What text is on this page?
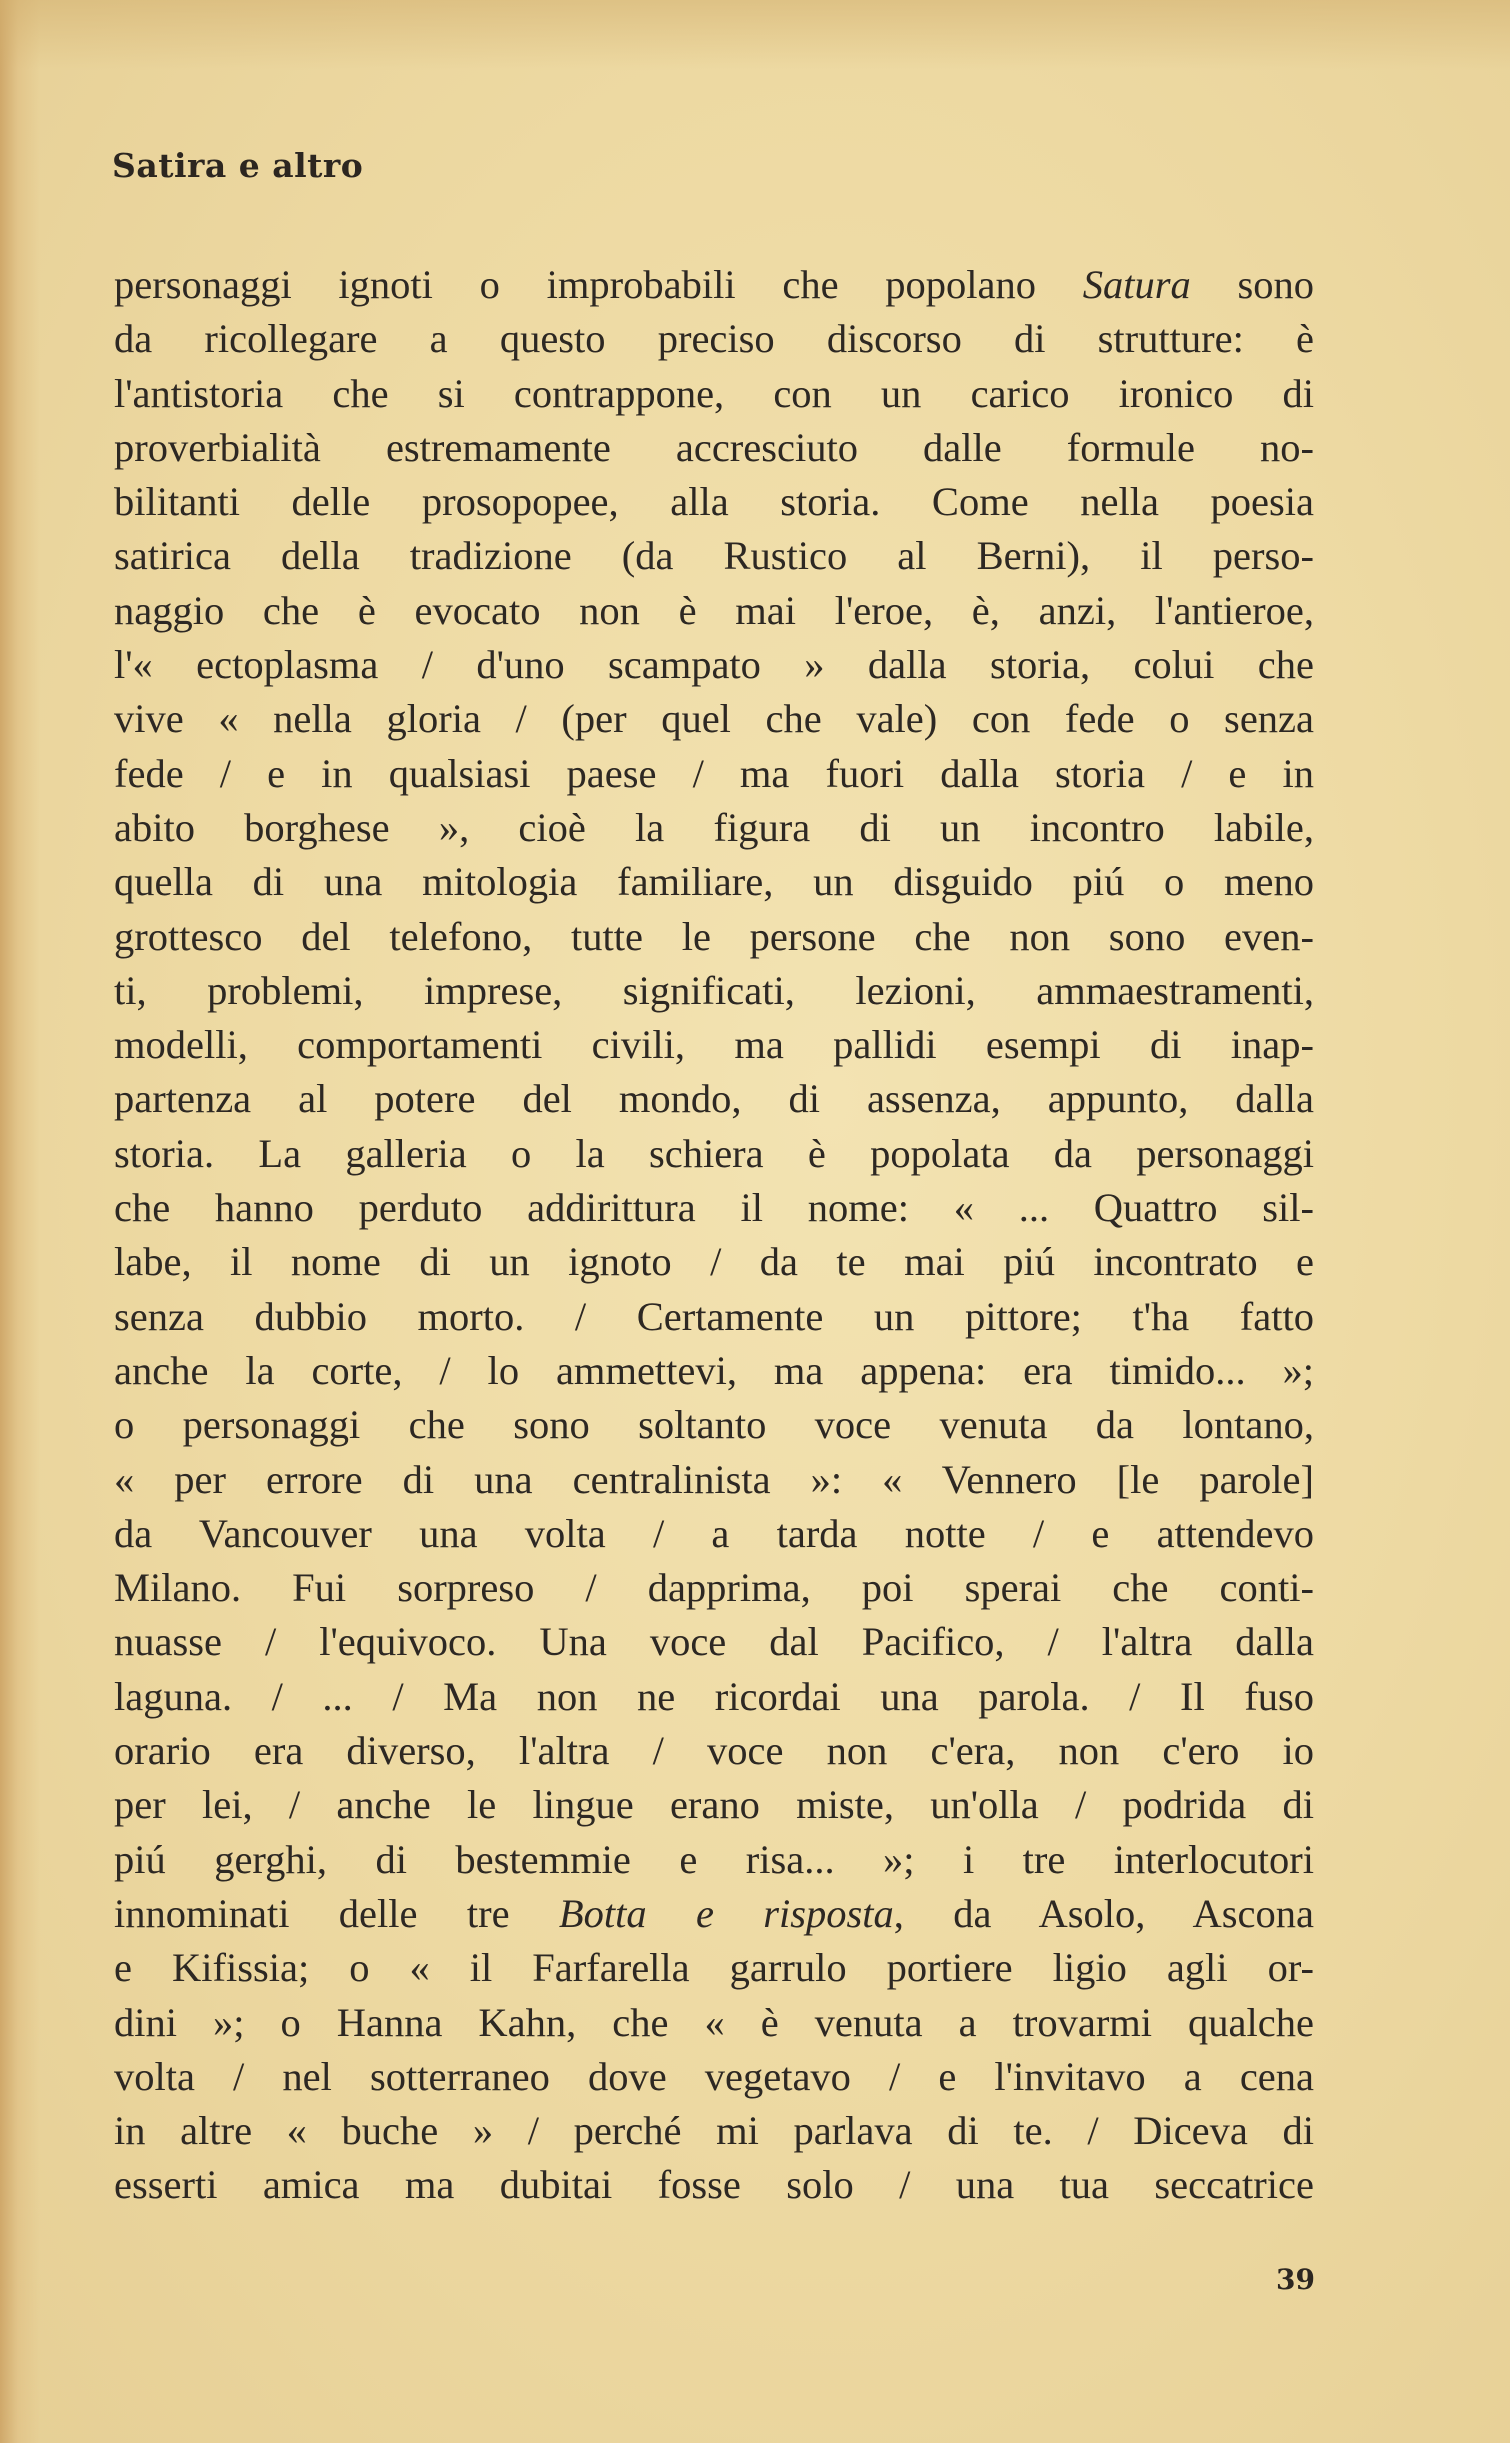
Satira e altro
personaggi ignoti o improbabili che popolano Satura sono
da ricollegare a questo preciso discorso di strutture: è
l'antistoria che si contrappone, con un carico ironico di
proverbialità estremamente accresciuto dalle formule no-
bilitanti delle prosopopee, alla storia. Come nella poesia
satirica della tradizione (da Rustico al Berni), il perso-
naggio che è evocato non è mai l'eroe, è, anzi, l'antieroe,
l'« ectoplasma / d'uno scampato » dalla storia, colui che
vive « nella gloria / (per quel che vale) con fede o senza
fede / e in qualsiasi paese / ma fuori dalla storia / e in
abito borghese », cioè la figura di un incontro labile,
quella di una mitologia familiare, un disguido piú o meno
grottesco del telefono, tutte le persone che non sono even-
ti, problemi, imprese, significati, lezioni, ammaestramenti,
modelli, comportamenti civili, ma pallidi esempi di inap-
partenza al potere del mondo, di assenza, appunto, dalla
storia. La galleria o la schiera è popolata da personaggi
che hanno perduto addirittura il nome: « ... Quattro sil-
labe, il nome di un ignoto / da te mai piú incontrato e
senza dubbio morto. / Certamente un pittore; t'ha fatto
anche la corte, / lo ammettevi, ma appena: era timido... »;
o personaggi che sono soltanto voce venuta da lontano,
« per errore di una centralinista »: « Vennero [le parole]
da Vancouver una volta / a tarda notte / e attendevo
Milano. Fui sorpreso / dapprima, poi sperai che conti-
nuasse / l'equivoco. Una voce dal Pacifico, / l'altra dalla
laguna. / ... / Ma non ne ricordai una parola. / Il fuso
orario era diverso, l'altra / voce non c'era, non c'ero io
per lei, / anche le lingue erano miste, un'olla / podrida di
piú gerghi, di bestemmie e risa... »; i tre interlocutori
innominati delle tre Botta e risposta, da Asolo, Ascona
e Kifissia; o « il Farfarella garrulo portiere ligio agli or-
dini »; o Hanna Kahn, che « è venuta a trovarmi qualche
volta / nel sotterraneo dove vegetavo / e l'invitavo a cena
in altre « buche » / perché mi parlava di te. / Diceva di
esserti amica ma dubitai fosse solo / una tua seccatrice
39
